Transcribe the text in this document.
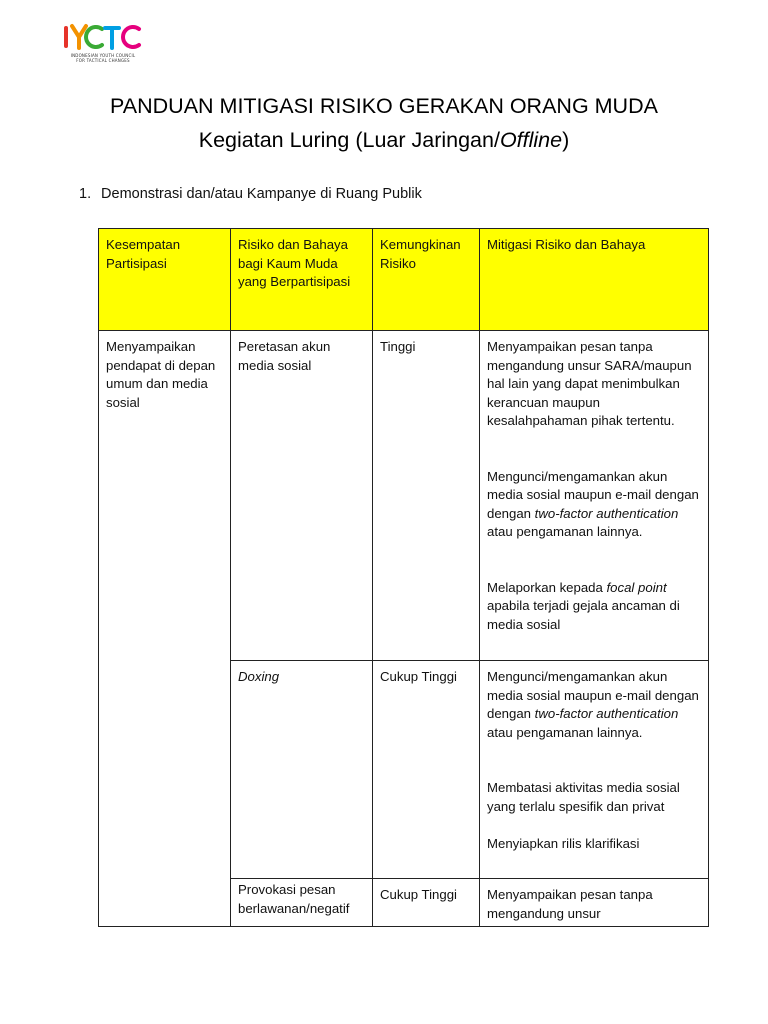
INDONESIAN YOUTH COUNCIL
FOR TACTICAL CHANGES
PANDUAN MITIGASI RISIKO GERAKAN ORANG MUDA
Kegiatan Luring (Luar Jaringan/Offline)
1. Demonstrasi dan/atau Kampanye di Ruang Publik
Kesempatan Partisipasi	Risiko dan Bahaya bagi Kaum Muda yang Berpartisipasi	Kemungkinan Risiko	Mitigasi Risiko dan Bahaya
Menyampaikan pendapat di depan umum dan media sosial	Peretasan akun media sosial	Tinggi	Menyampaikan pesan tanpa mengandung unsur SARA/maupun hal lain yang dapat menimbulkan kerancuan maupun kesalahpahaman pihak tertentu.

Mengunci/mengamankan akun media sosial maupun e-mail dengan dengan two-factor authentication atau pengamanan lainnya.

Melaporkan kepada focal point apabila terjadi gejala ancaman di media sosial

	Doxing	Cukup Tinggi	Mengunci/mengamankan akun media sosial maupun e-mail dengan dengan two-factor authentication atau pengamanan lainnya.

Membatasi aktivitas media sosial yang terlalu spesifik dan privat

Menyiapkan rilis klarifikasi

	Provokasi pesan berlawanan/negatif	Cukup Tinggi	Menyampaikan pesan tanpa mengandung unsur
